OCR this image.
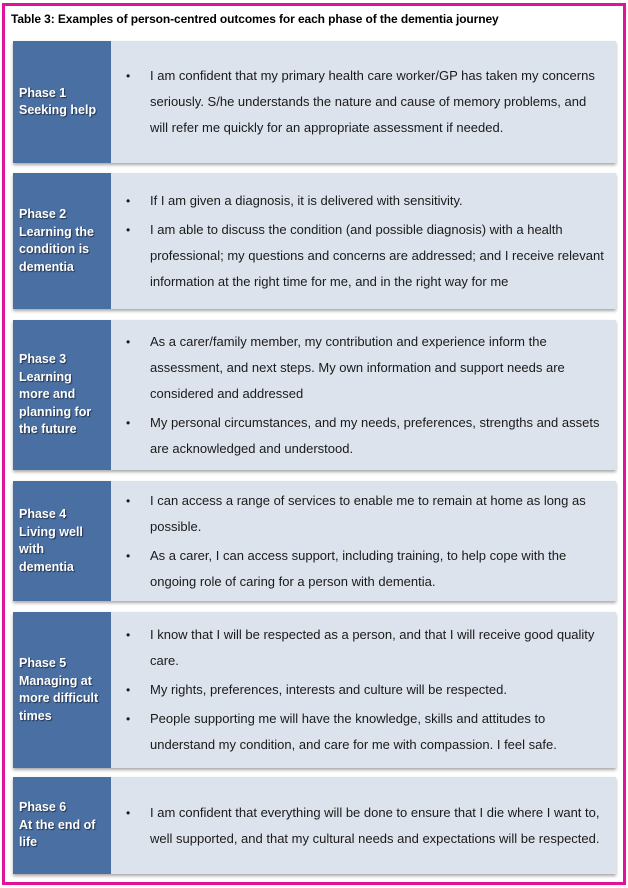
Table 3: Examples of person-centred outcomes for each phase of the dementia journey
Phase 1
Seeking help
• I am confident that my primary health care worker/GP has taken my concerns seriously. S/he understands the nature and cause of memory problems, and will refer me quickly for an appropriate assessment if needed.
Phase 2
Learning the
condition is
dementia
• If I am given a diagnosis, it is delivered with sensitivity.
• I am able to discuss the condition (and possible diagnosis) with a health professional; my questions and concerns are addressed; and I receive relevant information at the right time for me, and in the right way for me
Phase 3
Learning
more and
planning for
the future
• As a carer/family member, my contribution and experience inform the assessment, and next steps. My own information and support needs are considered and addressed
• My personal circumstances, and my needs, preferences, strengths and assets are acknowledged and understood.
Phase 4
Living well
with
dementia
• I can access a range of services to enable me to remain at home as long as possible.
• As a carer, I can access support, including training, to help cope with the ongoing role of caring for a person with dementia.
Phase 5
Managing at
more difficult
times
• I know that I will be respected as a person, and that I will receive good quality care.
• My rights, preferences, interests and culture will be respected.
• People supporting me will have the knowledge, skills and attitudes to understand my condition, and care for me with compassion. I feel safe.
Phase 6
At the end of
life
• I am confident that everything will be done to ensure that I die where I want to, well supported, and that my cultural needs and expectations will be respected.
